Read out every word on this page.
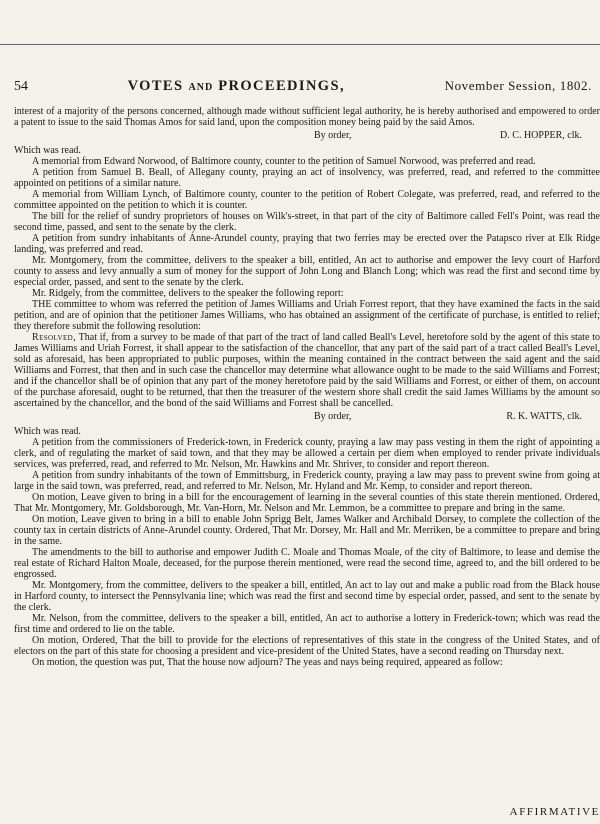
54	VOTES AND PROCEEDINGS,	November Session, 1802.

interest of a majority of the persons concerned, although made without sufficient legal authority, he is hereby authorised and empowered to order a patent to issue to the said Thomas Amos for said land, upon the composition money being paid by the said Amos.

By order,	D. C. HOPPER, clk.

Which was read.

A memorial from Edward Norwood, of Baltimore county, counter to the petition of Samuel Norwood, was preferred and read.

A petition from Samuel B. Beall, of Allegany county, praying an act of insolvency, was preferred, read, and referred to the committee appointed on petitions of a similar nature.

A memorial from William Lynch, of Baltimore county, counter to the petition of Robert Colegate, was preferred, read, and referred to the committee appointed on the petition to which it is counter.

The bill for the relief of sundry proprietors of houses on Wilk's-street, in that part of the city of Baltimore called Fell's Point, was read the second time, passed, and sent to the senate by the clerk.

A petition from sundry inhabitants of Anne-Arundel county, praying that two ferries may be erected over the Patapsco river at Elk Ridge landing, was preferred and read.

Mr. Montgomery, from the committee, delivers to the speaker a bill, entitled, An act to authorise and empower the levy court of Harford county to assess and levy annually a sum of money for the support of John Long and Blanch Long; which was read the first and second time by especial order, passed, and sent to the senate by the clerk.

Mr. Ridgely, from the committee, delivers to the speaker the following report:

THE committee to whom was referred the petition of James Williams and Uriah Forrest report, that they have examined the facts in the said petition, and are of opinion that the petitioner James Williams, who has obtained an assignment of the certificate of purchase, is entitled to relief; they therefore submit the following resolution:

Resolved, That if, from a survey to be made of that part of the tract of land called Beall's Level, heretofore sold by the agent of this state to James Williams and Uriah Forrest, it shall appear to the satisfaction of the chancellor, that any part of the said part of a tract called Beall's Level, sold as aforesaid, has been appropriated to public purposes, within the meaning contained in the contract between the said agent and the said Williams and Forrest, that then and in such case the chancellor may determine what allowance ought to be made to the said Williams and Forrest; and if the chancellor shall be of opinion that any part of the money heretofore paid by the said Williams and Forrest, or either of them, on account of the purchase aforesaid, ought to be returned, that then the treasurer of the western shore shall credit the said James Williams by the amount so ascertained by the chancellor, and the bond of the said Williams and Forrest shall be cancelled.

By order,	R. K. WATTS, clk.

Which was read.

A petition from the commissioners of Frederick-town, in Frederick county, praying a law may pass vesting in them the right of appointing a clerk, and of regulating the market of said town, and that they may be allowed a certain per diem when employed to render private individuals services, was preferred, read, and referred to Mr. Nelson, Mr. Hawkins and Mr. Shriver, to consider and report thereon.

A petition from sundry inhabitants of the town of Emmittsburg, in Frederick county, praying a law may pass to prevent swine from going at large in the said town, was preferred, read, and referred to Mr. Nelson, Mr. Hyland and Mr. Kemp, to consider and report thereon.

On motion, Leave given to bring in a bill for the encouragement of learning in the several counties of this state therein mentioned. Ordered, That Mr. Montgomery, Mr. Goldsborough, Mr. Van-Horn, Mr. Nelson and Mr. Lemmon, be a committee to prepare and bring in the same.

On motion, Leave given to bring in a bill to enable John Sprigg Belt, James Walker and Archibald Dorsey, to complete the collection of the county tax in certain districts of Anne-Arundel county. Ordered, That Mr. Dorsey, Mr. Hall and Mr. Merriken, be a committee to prepare and bring in the same.

The amendments to the bill to authorise and empower Judith C. Moale and Thomas Moale, of the city of Baltimore, to lease and demise the real estate of Richard Halton Moale, deceased, for the purpose therein mentioned, were read the second time, agreed to, and the bill ordered to be engrossed.

Mr. Montgomery, from the committee, delivers to the speaker a bill, entitled, An act to lay out and make a public road from the Black house in Harford county, to intersect the Pennsylvania line; which was read the first and second time by especial order, passed, and sent to the senate by the clerk.

Mr. Nelson, from the committee, delivers to the speaker a bill, entitled, An act to authorise a lottery in Frederick-town; which was read the first time and ordered to lie on the table.

On motion, Ordered, That the bill to provide for the elections of representatives of this state in the congress of the United States, and of electors on the part of this state for choosing a president and vice-president of the United States, have a second reading on Thursday next.

On motion, the question was put, That the house now adjourn? The yeas and nays being required, appeared as follow:

AFFIRMATIVE
